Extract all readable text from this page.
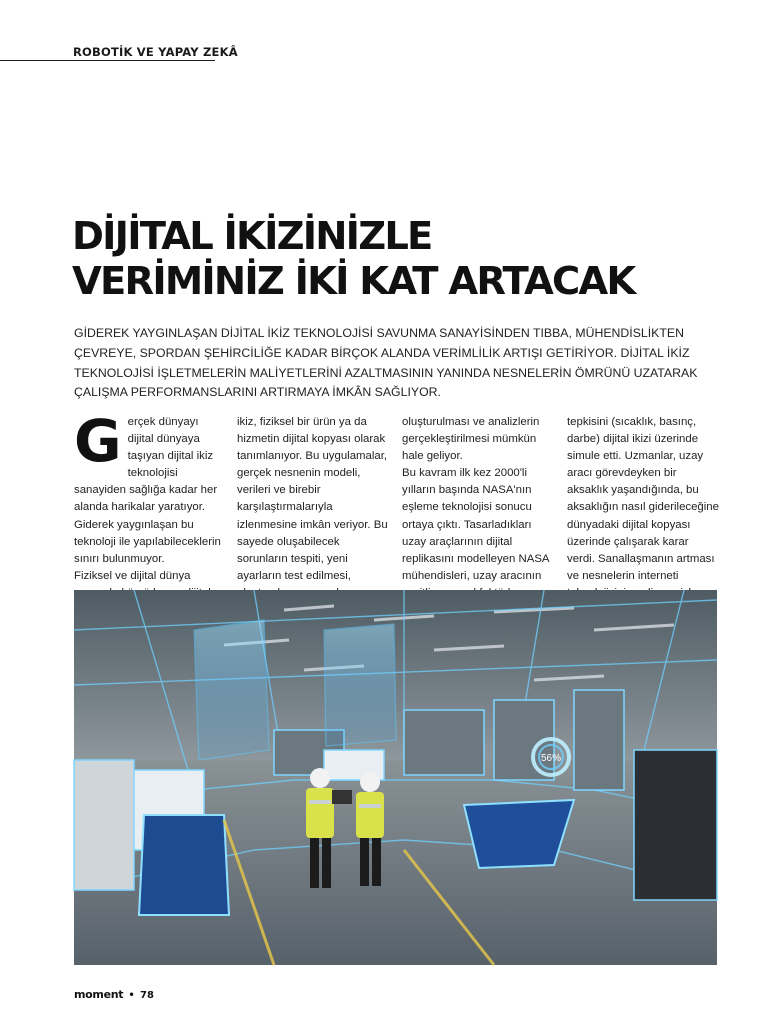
ROBOTİK VE YAPAY ZEKÂ
DİJİTAL İKİZİNİZLE
VERİMİNİZ İKİ KAT ARTACAK

GİDEREK YAYGINLAŞAN DİJİTAL İKİZ TEKNOLOJİSİ SAVUNMA SANAYİSİNDEN TIBBA, MÜHENDİSLİKTEN ÇEVREYE, SPORDAN ŞEHİRCİLİĞE KADAR BİRÇOK ALANDA VERİMLİLİK ARTIŞI GETİRİYOR. DİJİTAL İKİZ TEKNOLOJİSİ İŞLETMELERİN MALİYETLERİNİ AZALTMASININ YANINDA NESNELERİN ÖMRÜNÜ UZATARAK ÇALIŞMA PERFORMANSLARINI ARTIRMAYA İMKÂN SAĞLIYOR.

Gerçek dünyayı dijital dünyaya taşıyan dijital ikiz teknolojisi sanayiden sağlığa kadar her alanda harikalar yaratıyor. Giderek yaygınlaşan bu teknoloji ile yapılabileceklerin sınırı bulunmuyor.

Fiziksel ve dijital dünya

ikiz, fiziksel bir ürün ya da hizmetin dijital kopyası olarak tanımlanıyor. Bu uygulamalar, gerçek nesnenin modeli, verileri ve birebir karşılaştırmalarıyla izlenmesine imkân veriyor. Bu sayede oluşabilecek sorunların tespiti, yeni ayarların test edilmesi,

oluşturulması ve analizlerin gerçekleştirilmesi mümkün hale geliyor.

Bu kavram ilk kez 2000'li yılların başında NASA'nın eşleme teknolojisi sonucu ortaya çıktı. Tasarladıkları uzay araçlarının dijital replikasını modelleyen NASA mühendisleri, uzay aracının

tepkisini (sıcaklık, basınç, darbe) dijital ikizi üzerinde simule etti. Uzmanlar, uzay aracı görevdeyken bir aksaklık yaşandığında, bu aksaklığın nasıl giderileceğine dünyadaki dijital kopyası üzerinde çalışarak karar verdi. Sanallaşmanın artması ve nesnelerin interneti

56%
moment • 78
